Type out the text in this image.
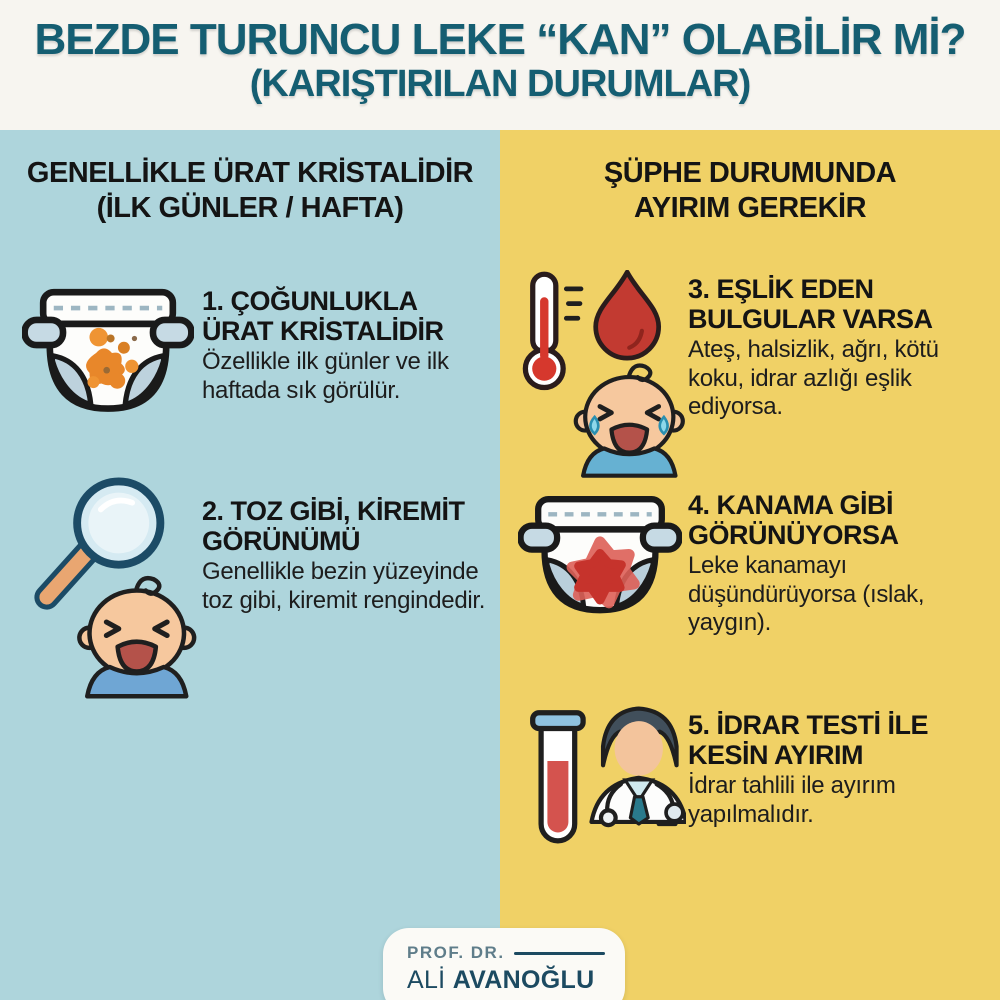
BEZDE TURUNCU LEKE “KAN” OLABİLİR Mİ?
(KARIŞTIRILAN DURUMLAR)
GENELLİKLE ÜRAT KRİSTALİDİR
(İLK GÜNLER / HAFTA)
1. ÇOĞUNLUKLA
ÜRAT KRİSTALİDİR
Özellikle ilk günler ve ilk haftada sık görülür.
2. TOZ GİBİ, KİREMİT
GÖRÜNÜMÜ
Genellikle bezin yüzeyinde toz gibi, kiremit rengindedir.
ŞÜPHE DURUMUNDA
AYIRIM GEREKİR
3. EŞLİK EDEN
BULGULAR VARSA
Ateş, halsizlik, ağrı, kötü koku, idrar azlığı eşlik ediyorsa.
4. KANAMA GİBİ
GÖRÜNÜYORSA
Leke kanamayı düşündürüyorsa (ıslak, yaygın).
5. İDRAR TESTİ İLE
KESİN AYIRIM
İdrar tahlili ile ayırım yapılmalıdır.
PROF. DR.
ALİ AVANOĞLU
